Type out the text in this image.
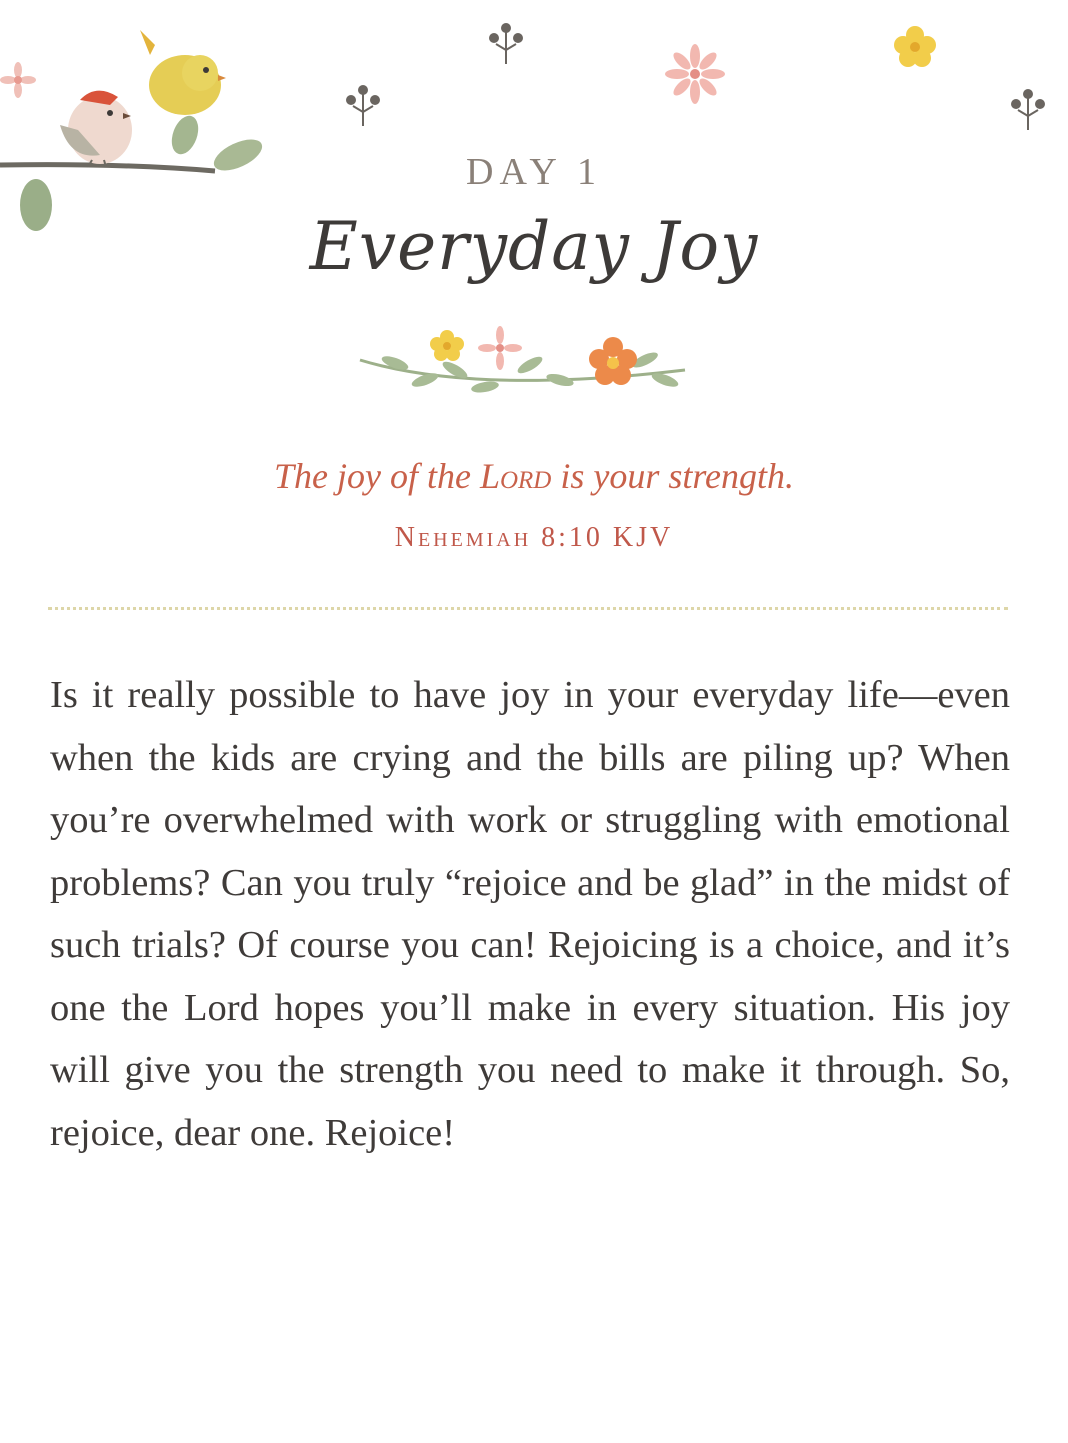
DAY 1
Everyday Joy
The joy of the Lord is your strength.
Nehemiah 8:10 KJV
Is it really possible to have joy in your everyday life—even when the kids are crying and the bills are piling up? When you’re overwhelmed with work or struggling with emotional problems? Can you truly “rejoice and be glad” in the midst of such trials? Of course you can! Rejoicing is a choice, and it’s one the Lord hopes you’ll make in every situation. His joy will give you the strength you need to make it through. So, rejoice, dear one. Rejoice!
